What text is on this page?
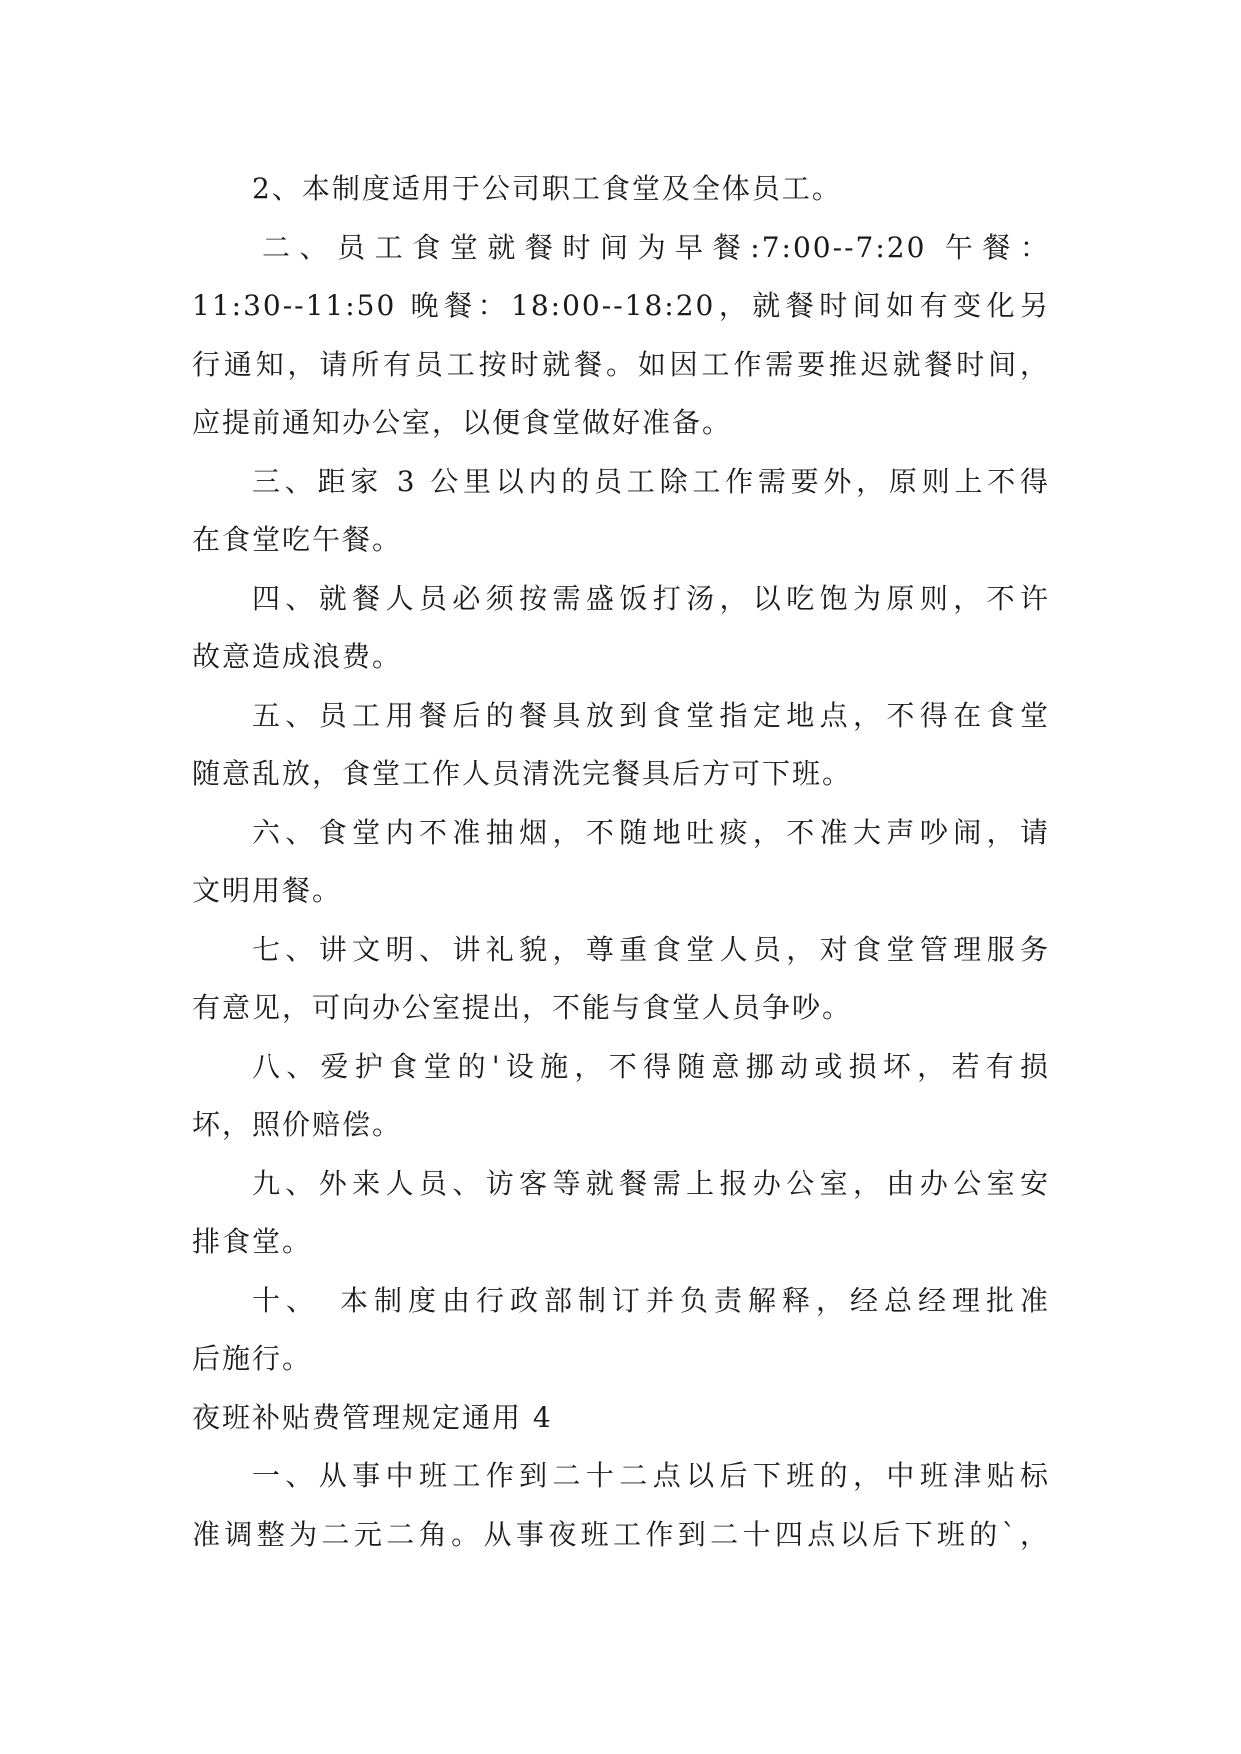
2、本制度适用于公司职工食堂及全体员工。
二、员工食堂就餐时间为早餐:7:00--7:20 午餐：
11:30--11:50 晚餐：18:00--18:20，就餐时间如有变化另
行通知，请所有员工按时就餐。如因工作需要推迟就餐时间，
应提前通知办公室，以便食堂做好准备。
三、距家 3 公里以内的员工除工作需要外，原则上不得
在食堂吃午餐。
四、就餐人员必须按需盛饭打汤，以吃饱为原则，不许
故意造成浪费。
五、员工用餐后的餐具放到食堂指定地点，不得在食堂
随意乱放，食堂工作人员清洗完餐具后方可下班。
六、食堂内不准抽烟，不随地吐痰，不准大声吵闹，请
文明用餐。
七、讲文明、讲礼貌，尊重食堂人员，对食堂管理服务
有意见，可向办公室提出，不能与食堂人员争吵。
八、爱护食堂的'设施，不得随意挪动或损坏，若有损
坏，照价赔偿。
九、外来人员、访客等就餐需上报办公室，由办公室安
排食堂。
十、　本制度由行政部制订并负责解释，经总经理批准
后施行。
夜班补贴费管理规定通用 4
一、从事中班工作到二十二点以后下班的，中班津贴标
准调整为二元二角。从事夜班工作到二十四点以后下班的`，
